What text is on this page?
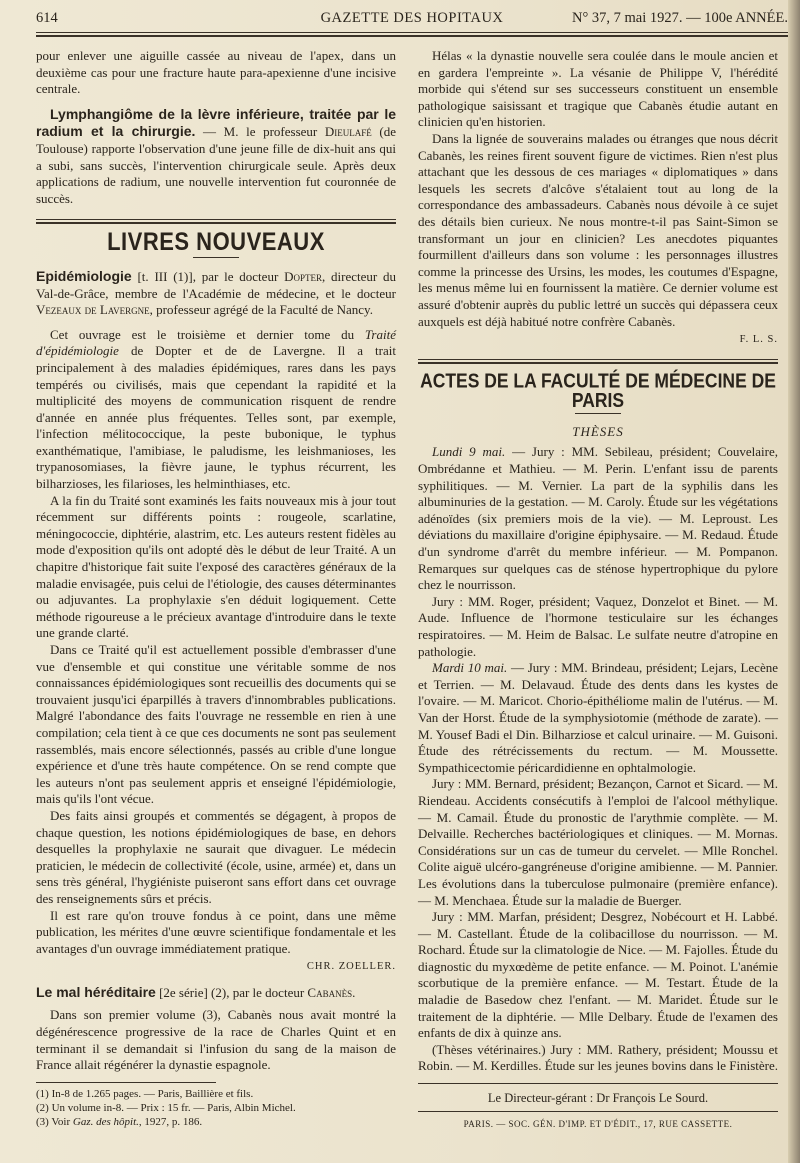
614	GAZETTE DES HOPITAUX	N° 37, 7 mai 1927. — 100e ANNÉE.

pour enlever une aiguille cassée au niveau de l'apex, dans un deuxième cas pour une fracture haute para-apexienne d'une incisive centrale.

Lymphangiôme de la lèvre inférieure, traitée par le radium et la chirurgie. — M. le professeur Dieulafé (de Toulouse) rapporte l'observation d'une jeune fille de dix-huit ans qui a subi, sans succès, l'intervention chirurgicale seule. Après deux applications de radium, une nouvelle intervention fut couronnée de succès.

LIVRES NOUVEAUX

Epidémiologie [t. III (1)], par le docteur Dopter, directeur du Val-de-Grâce, membre de l'Académie de médecine, et le docteur Vezeaux de Lavergne, professeur agrégé de la Faculté de Nancy.

Cet ouvrage est le troisième et dernier tome du Traité d'épidémiologie de Dopter et de de Lavergne. Il a trait principalement à des maladies épidémiques, rares dans les pays tempérés ou civilisés, mais que cependant la rapidité et la multiplicité des moyens de communication risquent de rendre d'année en année plus fréquentes. Telles sont, par exemple, l'infection mélitococcique, la peste bubonique, le typhus exanthématique, l'amibiase, le paludisme, les leishmanioses, les trypanosomiases, la fièvre jaune, le typhus récurrent, les bilharzioses, les filarioses, les helminthiases, etc.

A la fin du Traité sont examinés les faits nouveaux mis à jour tout récemment sur différents points : rougeole, scarlatine, méningococcie, diphtérie, alastrim, etc. Les auteurs restent fidèles au mode d'exposition qu'ils ont adopté dès le début de leur Traité. A un chapitre d'historique fait suite l'exposé des caractères généraux de la maladie envisagée, puis celui de l'étiologie, des causes déterminantes ou adjuvantes. La prophylaxie s'en déduit logiquement. Cette méthode rigoureuse a le précieux avantage d'introduire dans le texte une grande clarté.

Dans ce Traité qu'il est actuellement possible d'embrasser d'une vue d'ensemble et qui constitue une véritable somme de nos connaissances épidémiologiques sont recueillis des documents qui se trouvaient jusqu'ici éparpillés à travers d'innombrables publications. Malgré l'abondance des faits l'ouvrage ne ressemble en rien à une compilation; cela tient à ce que ces documents ne sont pas seulement rassemblés, mais encore sélectionnés, passés au crible d'une longue expérience et d'une très haute compétence. On se rend compte que les auteurs n'ont pas seulement appris et enseigné l'épidémiologie, mais qu'ils l'ont vécue.

Des faits ainsi groupés et commentés se dégagent, à propos de chaque question, les notions épidémiologiques de base, en dehors desquelles la prophylaxie ne saurait que divaguer. Le médecin praticien, le médecin de collectivité (école, usine, armée) et, dans un sens très général, l'hygiéniste puiseront sans effort dans cet ouvrage des renseignements sûrs et précis.

Il est rare qu'on trouve fondus à ce point, dans une même publication, les mérites d'une œuvre scientifique fondamentale et les avantages d'un ouvrage immédiatement pratique.

CHR. ZOELLER.

Le mal héréditaire [2e série] (2), par le docteur Cabanès.

Dans son premier volume (3), Cabanès nous avait montré la dégénérescence progressive de la race de Charles Quint et en terminant il se demandait si l'infusion du sang de la maison de France allait régénérer la dynastie espagnole.

(1) In-8 de 1.265 pages. — Paris, Baillière et fils.
(2) Un volume in-8. — Prix : 15 fr. — Paris, Albin Michel.
(3) Voir Gaz. des hôpit., 1927, p. 186.

Hélas « la dynastie nouvelle sera coulée dans le moule ancien et en gardera l'empreinte ». La vésanie de Philippe V, l'hérédité morbide qui s'étend sur ses successeurs constituent un ensemble pathologique saisissant et tragique que Cabanès étudie autant en clinicien qu'en historien.

Dans la lignée de souverains malades ou étranges que nous décrit Cabanès, les reines firent souvent figure de victimes. Rien n'est plus attachant que les dessous de ces mariages « diplomatiques » dans lesquels les secrets d'alcôve s'étalaient tout au long de la correspondance des ambassadeurs. Cabanès nous dévoile à ce sujet des détails bien curieux. Ne nous montre-t-il pas Saint-Simon se transformant un jour en clinicien? Les anecdotes piquantes fourmillent d'ailleurs dans son volume : les personnages illustres comme la princesse des Ursins, les modes, les coutumes d'Espagne, les menus même lui en fournissent la matière. Ce dernier volume est assuré d'obtenir auprès du public lettré un succès qui dépassera ceux auxquels est déjà habitué notre confrère Cabanès.

F. L. S.
ACTES DE LA FACULTÉ DE MÉDECINE DE PARIS
THÈSES

Lundi 9 mai. — Jury : MM. Sebileau, président; Couvelaire, Ombrédanne et Mathieu. — M. Perin. L'enfant issu de parents syphilitiques. — M. Vernier. La part de la syphilis dans les albuminuries de la gestation. — M. Caroly. Étude sur les végétations adénoïdes (six premiers mois de la vie). — M. Leproust. Les déviations du maxillaire d'origine épiphysaire. — M. Redaud. Étude d'un syndrome d'arrêt du membre inférieur. — M. Pompanon. Remarques sur quelques cas de sténose hypertrophique du pylore chez le nourrisson.

Jury : MM. Roger, président; Vaquez, Donzelot et Binet. — M. Aude. Influence de l'hormone testiculaire sur les échanges respiratoires. — M. Heim de Balsac. Le sulfate neutre d'atropine en pathologie.

Mardi 10 mai. — Jury : MM. Brindeau, président; Lejars, Lecène et Terrien. — M. Delavaud. Étude des dents dans les kystes de l'ovaire. — M. Maricot. Chorio-épithéliome malin de l'utérus. — M. Van der Horst. Étude de la symphysiotomie (méthode de zarate). — M. Yousef Badi el Din. Bilharziose et calcul urinaire. — M. Guisoni. Étude des rétrécissements du rectum. — M. Moussette. Sympathicectomie péricardidienne en ophtalmologie.

Jury : MM. Bernard, président; Bezançon, Carnot et Sicard. — M. Riendeau. Accidents consécutifs à l'emploi de l'alcool méthylique. — M. Camail. Étude du pronostic de l'arythmie complète. — M. Delvaille. Recherches bactériologiques et cliniques. — M. Mornas. Considérations sur un cas de tumeur du cervelet. — Mlle Ronchel. Colite aiguë ulcéro-gangréneuse d'origine amibienne. — M. Pannier. Les évolutions dans la tuberculose pulmonaire (première enfance). — M. Menchaea. Étude sur la maladie de Buerger.

Jury : MM. Marfan, président; Desgrez, Nobécourt et H. Labbé. — M. Castellant. Étude de la colibacillose du nourrisson. — M. Rochard. Étude sur la climatologie de Nice. — M. Fajolles. Étude du diagnostic du myxœdème de petite enfance. — M. Poinot. L'anémie scorbutique de la première enfance. — M. Testart. Étude de la maladie de Basedow chez l'enfant. — M. Maridet. Étude sur le traitement de la diphtérie. — Mlle Delbary. Étude de l'examen des enfants de dix à quinze ans.

(Thèses vétérinaires.) Jury : MM. Rathery, président; Moussu et Robin. — M. Kerdilles. Étude sur les jeunes bovins dans le Finistère.

Le Directeur-gérant : Dr François Le Sourd.
PARIS. — SOC. GÉN. D'IMP. ET D'ÉDIT., 17, RUE CASSETTE.
